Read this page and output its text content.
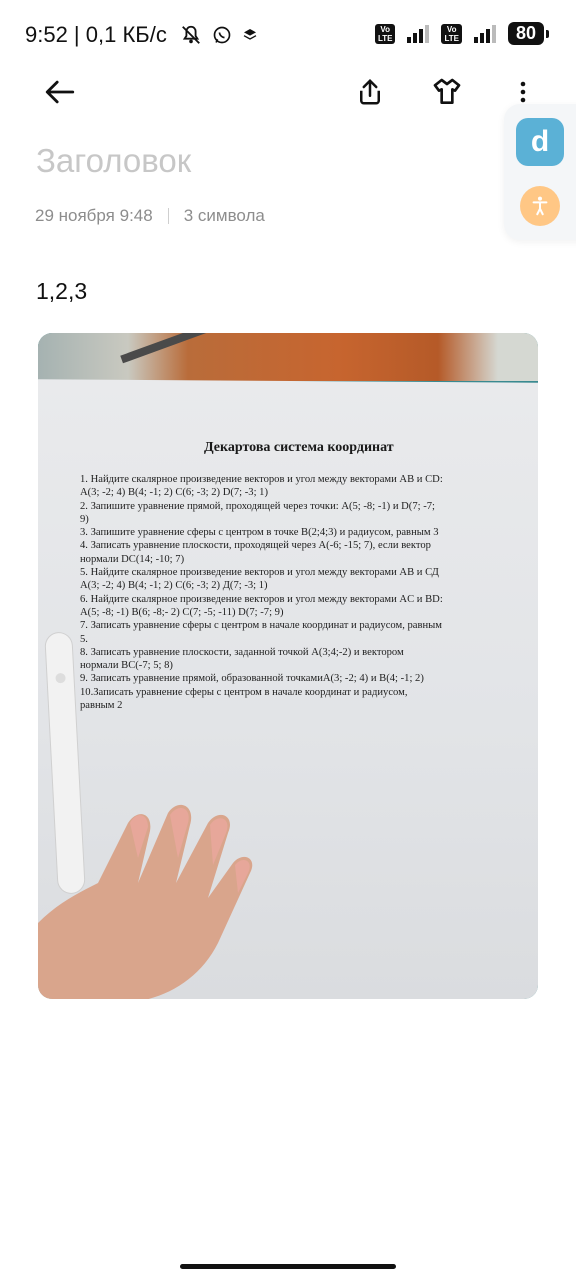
9:52 | 0,1 КБ/с	Vo
LTE
Vo
LTE	80
d
Заголовок
29 ноября 9:48 3 символа
1,2,3
Декартова система координат
1. Найдите скалярное произведение векторов и угол между векторами AB и CD:
A(3; -2; 4) B(4; -1; 2) C(6; -3; 2) D(7; -3; 1)
2. Запишите уравнение прямой, проходящей через точки: A(5; -8; -1) и D(7; -7;
9)
3. Запишите уравнение сферы с центром в точке B(2;4;3) и радиусом, равным 3
4. Записать уравнение плоскости, проходящей через A(-6; -15; 7), если вектор
нормали DC(14; -10; 7)
5. Найдите скалярное произведение векторов и угол между векторами АВ и СД
A(3; -2; 4) B(4; -1; 2) C(6; -3; 2) Д(7; -3; 1)
6. Найдите скалярное произведение векторов и угол между векторами AC и BD:
A(5; -8; -1) B(6; -8;- 2) C(7; -5; -11) D(7; -7; 9)
7. Записать уравнение сферы с центром в начале координат и радиусом, равным
5.
8. Записать уравнение плоскости, заданной точкой A(3;4;-2) и вектором
нормали BC(-7; 5; 8)
9. Записать уравнение прямой, образованной точкамиA(3; -2; 4) и B(4; -1; 2)
10.Записать уравнение сферы с центром в начале координат и радиусом,
равным 2
